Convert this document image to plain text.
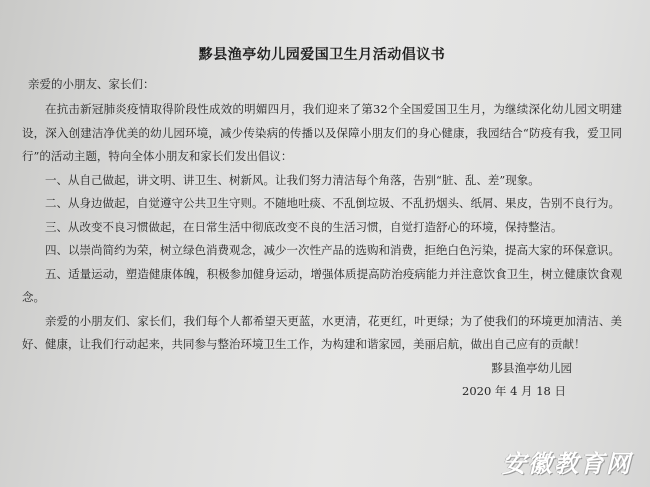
黟县渔亭幼儿园爱国卫生月活动倡议书
亲爱的小朋友、家长们：

在抗击新冠肺炎疫情取得阶段性成效的明媚四月，我们迎来了第32个全国爱国卫生月，为继续深化幼儿园文明建设，深入创建洁净优美的幼儿园环境，减少传染病的传播以及保障小朋友们的身心健康，我园结合“防疫有我，爱卫同行”的活动主题，特向全体小朋友和家长们发出倡议：

一、从自己做起，讲文明、讲卫生、树新风。让我们努力清洁每个角落，告别“脏、乱、差”现象。

二、从身边做起，自觉遵守公共卫生守则。不随地吐痰、不乱倒垃圾、不乱扔烟头、纸屑、果皮，告别不良行为。

三、从改变不良习惯做起，在日常生活中彻底改变不良的生活习惯，自觉打造舒心的环境，保持整洁。

四、以崇尚简约为荣，树立绿色消费观念，减少一次性产品的选购和消费，拒绝白色污染，提高大家的环保意识。

五、适量运动，塑造健康体魄，积极参加健身运动，增强体质提高防治疫病能力并注意饮食卫生，树立健康饮食观念。

亲爱的小朋友们、家长们，我们每个人都希望天更蓝，水更清，花更红，叶更绿；为了使我们的环境更加清洁、美好、健康，让我们行动起来，共同参与整治环境卫生工作，为构建和谐家园，美丽启航，做出自己应有的贡献！

黟县渔亭幼儿园
2020 年 4 月 18 日
安徽教育网
